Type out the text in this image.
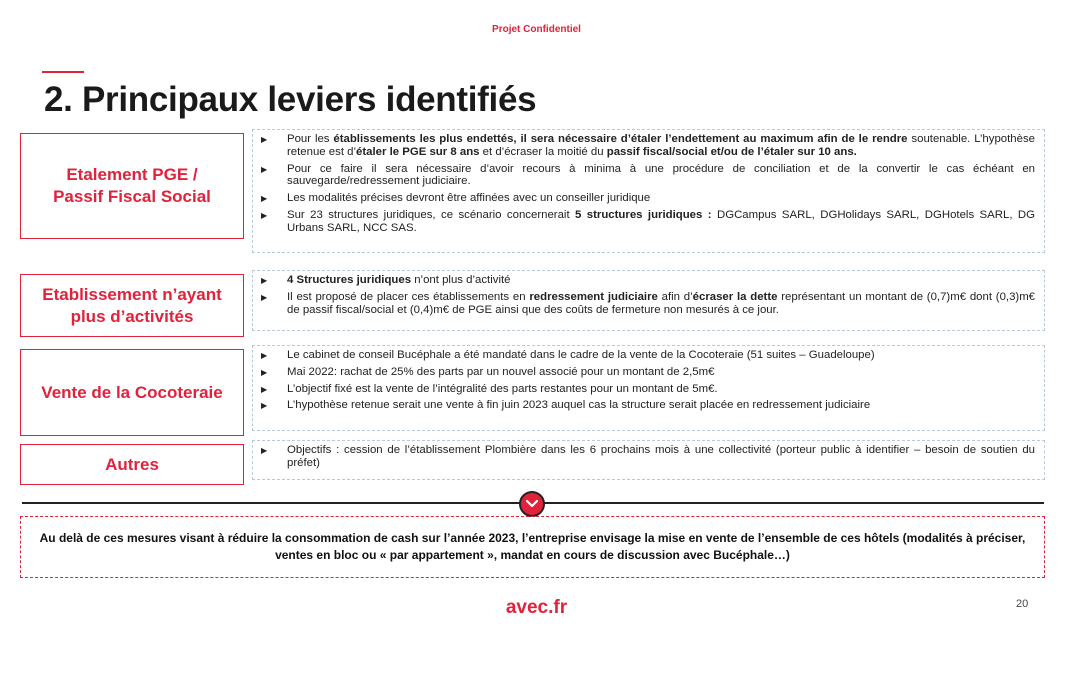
Projet Confidentiel
2. Principaux leviers identifiés
Etalement PGE /
Passif Fiscal Social
▶ Pour les établissements les plus endettés, il sera nécessaire d’étaler l’endettement au maximum afin de le rendre soutenable. L’hypothèse retenue est d’étaler le PGE sur 8 ans et d’écraser la moitié du passif fiscal/social et/ou de l’étaler sur 10 ans.
▶ Pour ce faire il sera nécessaire d’avoir recours à minima à une procédure de conciliation et de la convertir le cas échéant en sauvegarde/redressement judiciaire.
▶ Les modalités précises devront être affinées avec un conseiller juridique
▶ Sur 23 structures juridiques, ce scénario concernerait 5 structures juridiques : DGCampus SARL, DGHolidays SARL, DGHotels SARL, DG Urbans SARL, NCC SAS.
Etablissement n’ayant
plus d’activités
▶ 4 Structures juridiques n’ont plus d’activité
▶ Il est proposé de placer ces établissements en redressement judiciaire afin d’écraser la dette représentant un montant de (0,7)m€ dont (0,3)m€ de passif fiscal/social et (0,4)m€ de PGE ainsi que des coûts de fermeture non mesurés à ce jour.
Vente de la Cocoteraie
▶ Le cabinet de conseil Bucéphale a été mandaté dans le cadre de la vente de la Cocoteraie (51 suites – Guadeloupe)
▶ Mai 2022: rachat de 25% des parts par un nouvel associé pour un montant de 2,5m€
▶ L’objectif fixé est la vente de l’intégralité des parts restantes pour un montant de 5m€.
▶ L’hypothèse retenue serait une vente à fin juin 2023 auquel cas la structure serait placée en redressement judiciaire
Autres
▶ Objectifs : cession de l’établissement Plombière dans les 6 prochains mois à une collectivité (porteur public à identifier – besoin de soutien du préfet)
Au delà de ces mesures visant à réduire la consommation de cash sur l’année 2023, l’entreprise envisage la mise en vente de l’ensemble de ces hôtels (modalités à préciser, ventes en bloc ou « par appartement », mandat en cours de discussion avec Bucéphale…)
avec.fr	20
